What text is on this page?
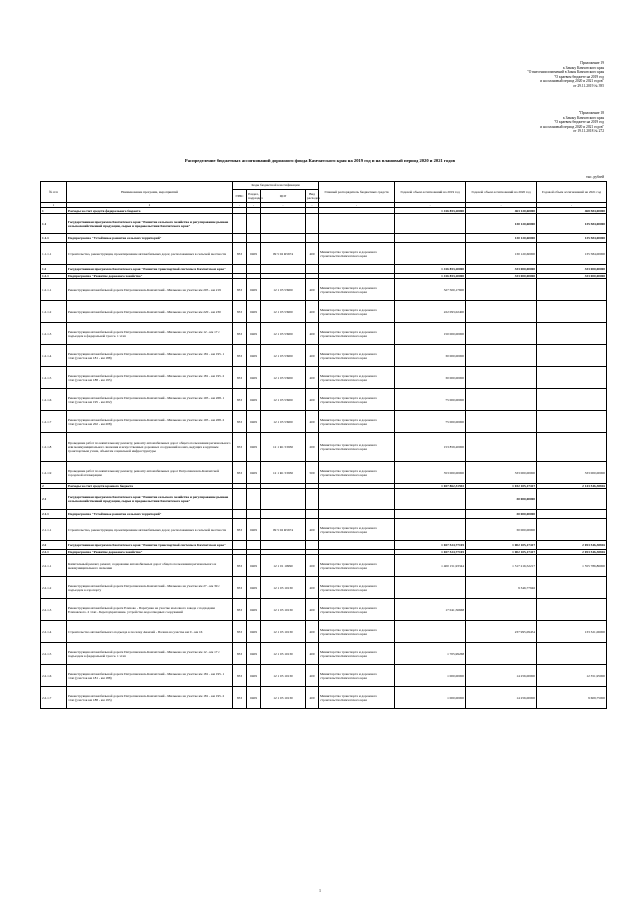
Приложение 19
к Закону Камчатского края
"О внесении изменений в Закон Камчатского края
"О краевом бюджете на 2019 год
и на плановый период 2020 и 2021 годов"
от 29.11.2019 № 395
"Приложение 18
к Закону Камчатского края
"О краевом бюджете на 2019 год
и на плановый период 2020 и 2021 годов"
от 19.11.2018 № 272
Распределение бюджетных ассигнований дорожного фонда Камчатского края на 2019 год и на плановый период 2020 и 2021 годов
тыс. рублей
№ п/п	Наименование программ, мероприятий	Коды бюджетной классификации				Главный распорядитель бюджетных средств	Годовой объем ассигнований на 2019 год	Годовой объем ассигнований на 2020 год	Годовой объем ассигнований на 2021 год
		ГРБС	Раздел, подраздел	ЦСР	Вид расходов				
1	2	-	-	-	-	-	-	-	-
1	Расходы за счет средств федерального бюджета						1 416 853,20000	463 120,60000	468 584,00000
1.1	Государственная программа Камчатского края "Развитие сельского хозяйства и регулирование рынков сельскохозяйственной продукции, сырья и продовольствия Камчатского края"							130 120,60000	135 584,00000
1.1.1	Подпрограмма "Устойчивое развитие сельских территорий"							130 120,60000	135 584,00000
1.1.1.1	Строительство, реконструкция, проектирование автомобильных дорог, расположенных в сельской местности	833	0409	09 5 02 R5674	400	Министерство транспорта и дорожного строительства Камчатского края		130 120,60000	135 584,00000
1.2	Государственная программа Камчатского края "Развитие транспортной системы в Камчатском крае"						1 416 853,20000	333 000,00000	333 000,00000
1.2.1	Подпрограмма "Развитие дорожного хозяйства"						1 416 853,20000	333 000,00000	333 000,00000
1.2.1.1	Реконструкция автомобильной дороги Петропавловск-Камчатский - Мильково на участке км 205 - км 219	833	0409	12 1 03 53900	400	Министерство транспорта и дорожного строительства Камчатского края	327 500,17600		
1.2.1.2	Реконструкция автомобильной дороги Петропавловск-Камчатский - Мильково на участке км 220 - км 230	833	0409	12 1 03 53900	400	Министерство транспорта и дорожного строительства Камчатского края	222 093,02400		
1.2.1.3	Реконструкция автомобильной дороги Петропавловск-Камчатский - Мильково на участке км 12 - км 17 с подъездом к федеральной трассе. 1 этап	833	0409	12 1 03 53900	400	Министерство транспорта и дорожного строительства Камчатского края	150 000,00000		
1.2.1.4	Реконструкция автомобильной дороги Петропавловск-Камчатский - Мильково на участке км 181 - км 195. 1 этап (участок км 181 - км 188)	833	0409	12 1 03 53900	400	Министерство транспорта и дорожного строительства Камчатского края	30 000,00000		
1.2.1.5	Реконструкция автомобильной дороги Петропавловск-Камчатский - Мильково на участке км 181 - км 195. 2 этап (участок км 188 - км 195)	833	0409	12 1 03 53900	400	Министерство транспорта и дорожного строительства Камчатского края	30 000,00000		
1.2.1.6	Реконструкция автомобильной дороги Петропавловск-Камчатский - Мильково на участке км 195 - км 268. 1 этап (участок км 195 - км 202)	833	0409	12 1 03 53900	400	Министерство транспорта и дорожного строительства Камчатского края	75 000,00000		
1.2.1.7	Реконструкция автомобильной дороги Петропавловск-Камчатский - Мильково на участке км 195 - км 268. 2 этап (участок км 202 - км 208)	833	0409	12 1 03 53900	400	Министерство транспорта и дорожного строительства Камчатского края	75 000,00000		
1.2.1.8	Проведение работ по капитальному ремонту, ремонту автомобильных дорог общего пользования регионального или межмуниципального значения и искусственных дорожных сооружений на них, ведущих к крупным транспортным узлам, объектам социальной инфраструктуры	833	0409	12 1 R1 53930	200	Министерство транспорта и дорожного строительства Камчатского края	153 859,20000		
1.2.1.9	Проведение работ по капитальному ремонту, ремонту автомобильных дорог Петропавловск-Камчатской городской агломерации	833	0409	12 1 R1 53930	500	Министерство транспорта и дорожного строительства Камчатского края	353 000,00000	333 000,00000	333 000,00000
2	Расходы за счет средств краевого бюджета						1 657 862,31592	1 032 105,17417	2 143 546,38816
2.1	Государственная программа Камчатского края "Развитие сельского хозяйства и регулирование рынков сельскохозяйственной продукции, сырья и продовольствия Камчатского края"							30 000,00000	
2.1.1	Подпрограмма "Устойчивое развитие сельских территорий"							30 000,00000	
2.1.1.1	Строительство, реконструкция, проектирование автомобильных дорог, расположенных в сельской местности	833	0409	09 5 02 R5674	400	Министерство транспорта и дорожного строительства Камчатского края		30 000,00000	
2.2	Государственная программа Камчатского края "Развитие транспортной системы в Камчатском крае"						1 657 524,77105	1 002 105,17417	2 053 546,38816
2.2.1	Подпрограмма "Развитие дорожного хозяйства"						1 657 524,77105	1 002 105,17417	2 053 546,38816
2.2.1.1	Капитальный ремонт, ремонт, содержание автомобильных дорог общего пользования регионального и межмуниципального значения	833	0409	12 1 01 10990	200	Министерство транспорта и дорожного строительства Камчатского края	1 400 151,93344	1 317 216,52217	1 555 786,86000
2.2.1.2	Реконструкция автомобильной дороги Петропавловск-Камчатский - Мильково на участке км 27 - км 39 с подъездом к аэропорту	833	0409	12 1 03 10130	400	Министерство транспорта и дорожного строительства Камчатского края		9 346,77946	
2.2.1.3	Реконструкция автомобильной дороги Елизово - Паратунка на участке молочного завода с подходами Елизовского. 2 этап - Берегоукрепление. устройство водоотводных сооружений	833	0409	12 1 03 10130	400	Министерство транспорта и дорожного строительства Камчатского края	17 041,56668		
2.2.1.4	Строительство автомобильного подъезда к поселку Аваачай - Палана на участке км 0 - км 16	833	0409	12 1 03 10130	400	Министерство транспорта и дорожного строительства Камчатского края		237 995,09454	133 321,06000
2.2.1.5	Реконструкция автомобильной дороги Петропавловск-Камчатский - Мильково на участке км 12 - км 17 с подъездом к федеральной трассе. 1 этап	833	0409	12 1 03 10130	400	Министерство транспорта и дорожного строительства Камчатского края	1 705,99268		
2.2.1.6	Реконструкция автомобильной дороги Петропавловск-Камчатский - Мильково на участке км 181 - км 195. 1 этап (участок км 181 - км 188)	833	0409	12 1 03 10130	400	Министерство транспорта и дорожного строительства Камчатского края	1 000,00000	14 256,00000	12 351,95000
2.2.1.7	Реконструкция автомобильной дороги Петропавловск-Камчатский - Мильково на участке км 181 - км 195. 2 этап (участок км 188 - км 195)	833	0409	12 1 03 10130	400	Министерство транспорта и дорожного строительства Камчатского края	1 000,00000	14 256,00000	9 609,75000
1
